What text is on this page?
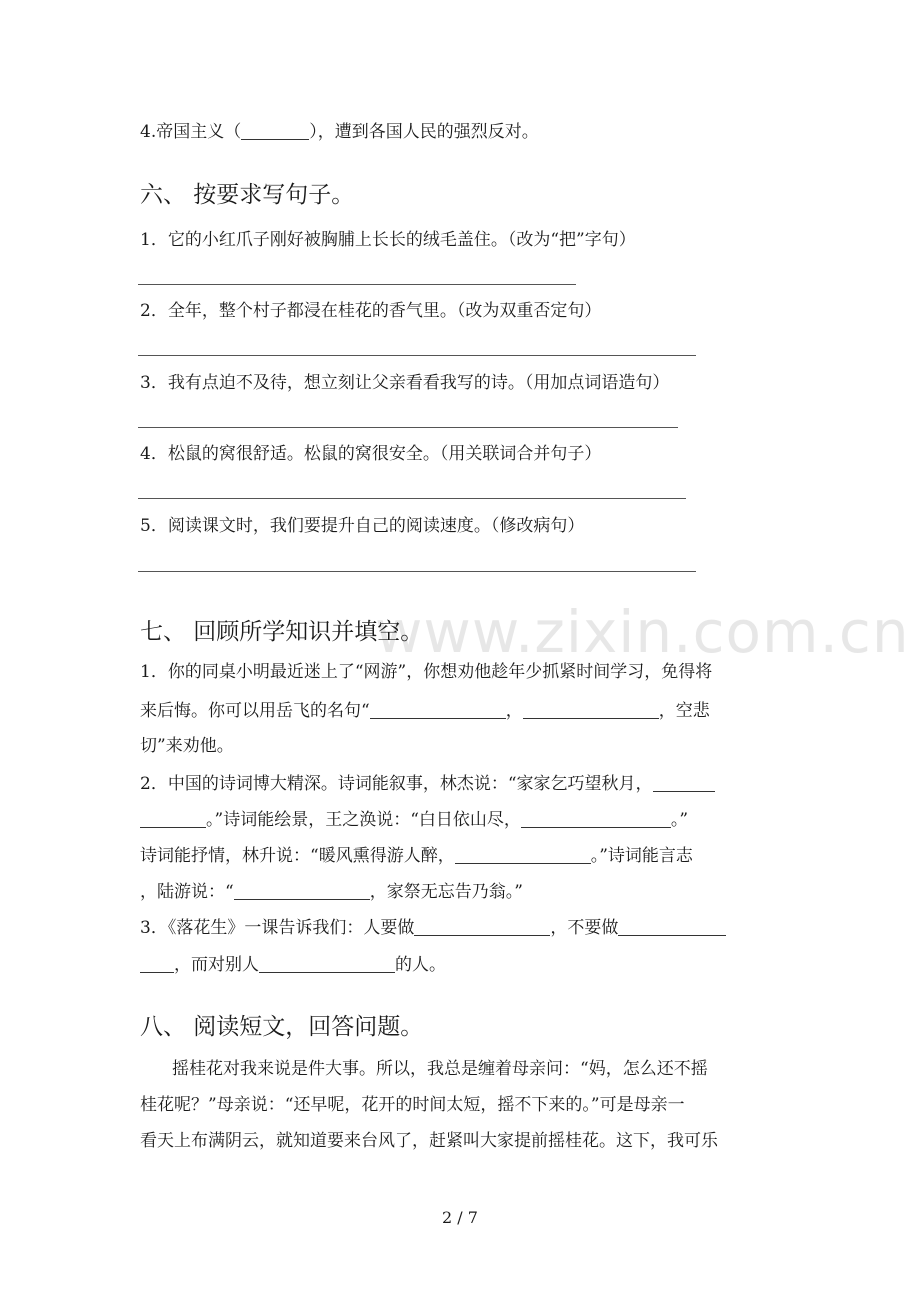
4.帝国主义（	），遭到各国人民的强烈反对。
六、 按要求写句子。
1．它的小红爪子刚好被胸脯上长长的绒毛盖住。（改为“把”字句）
2．全年，整个村子都浸在桂花的香气里。（改为双重否定句）
3．我有点迫不及待，想立刻让父亲看看我写的诗。（用加点词语造句）
4．松鼠的窝很舒适。松鼠的窝很安全。（用关联词合并句子）
5．阅读课文时，我们要提升自己的阅读速度。（修改病句）
www.zixin.com.cn
七、 回顾所学知识并填空。
1．你的同桌小明最近迷上了“网游”，你想劝他趁年少抓紧时间学习，免得将
来后悔。你可以用岳飞的名句“	，	，空悲
切”来劝他。
2．中国的诗词博大精深。诗词能叙事，林杰说：“家家乞巧望秋月，
。”诗词能绘景，王之涣说：“白日依山尽，	。”
诗词能抒情，林升说：“暖风熏得游人醉，	。”诗词能言志
，陆游说：“	，家祭无忘告乃翁。”
3．《落花生》一课告诉我们：人要做	，不要做
，而对别人	的人。
八、 阅读短文，回答问题。
摇桂花对我来说是件大事。所以，我总是缠着母亲问：“妈，怎么还不摇
桂花呢？”母亲说：“还早呢，花开的时间太短，摇不下来的。”可是母亲一
看天上布满阴云，就知道要来台风了，赶紧叫大家提前摇桂花。这下，我可乐
2 / 7
